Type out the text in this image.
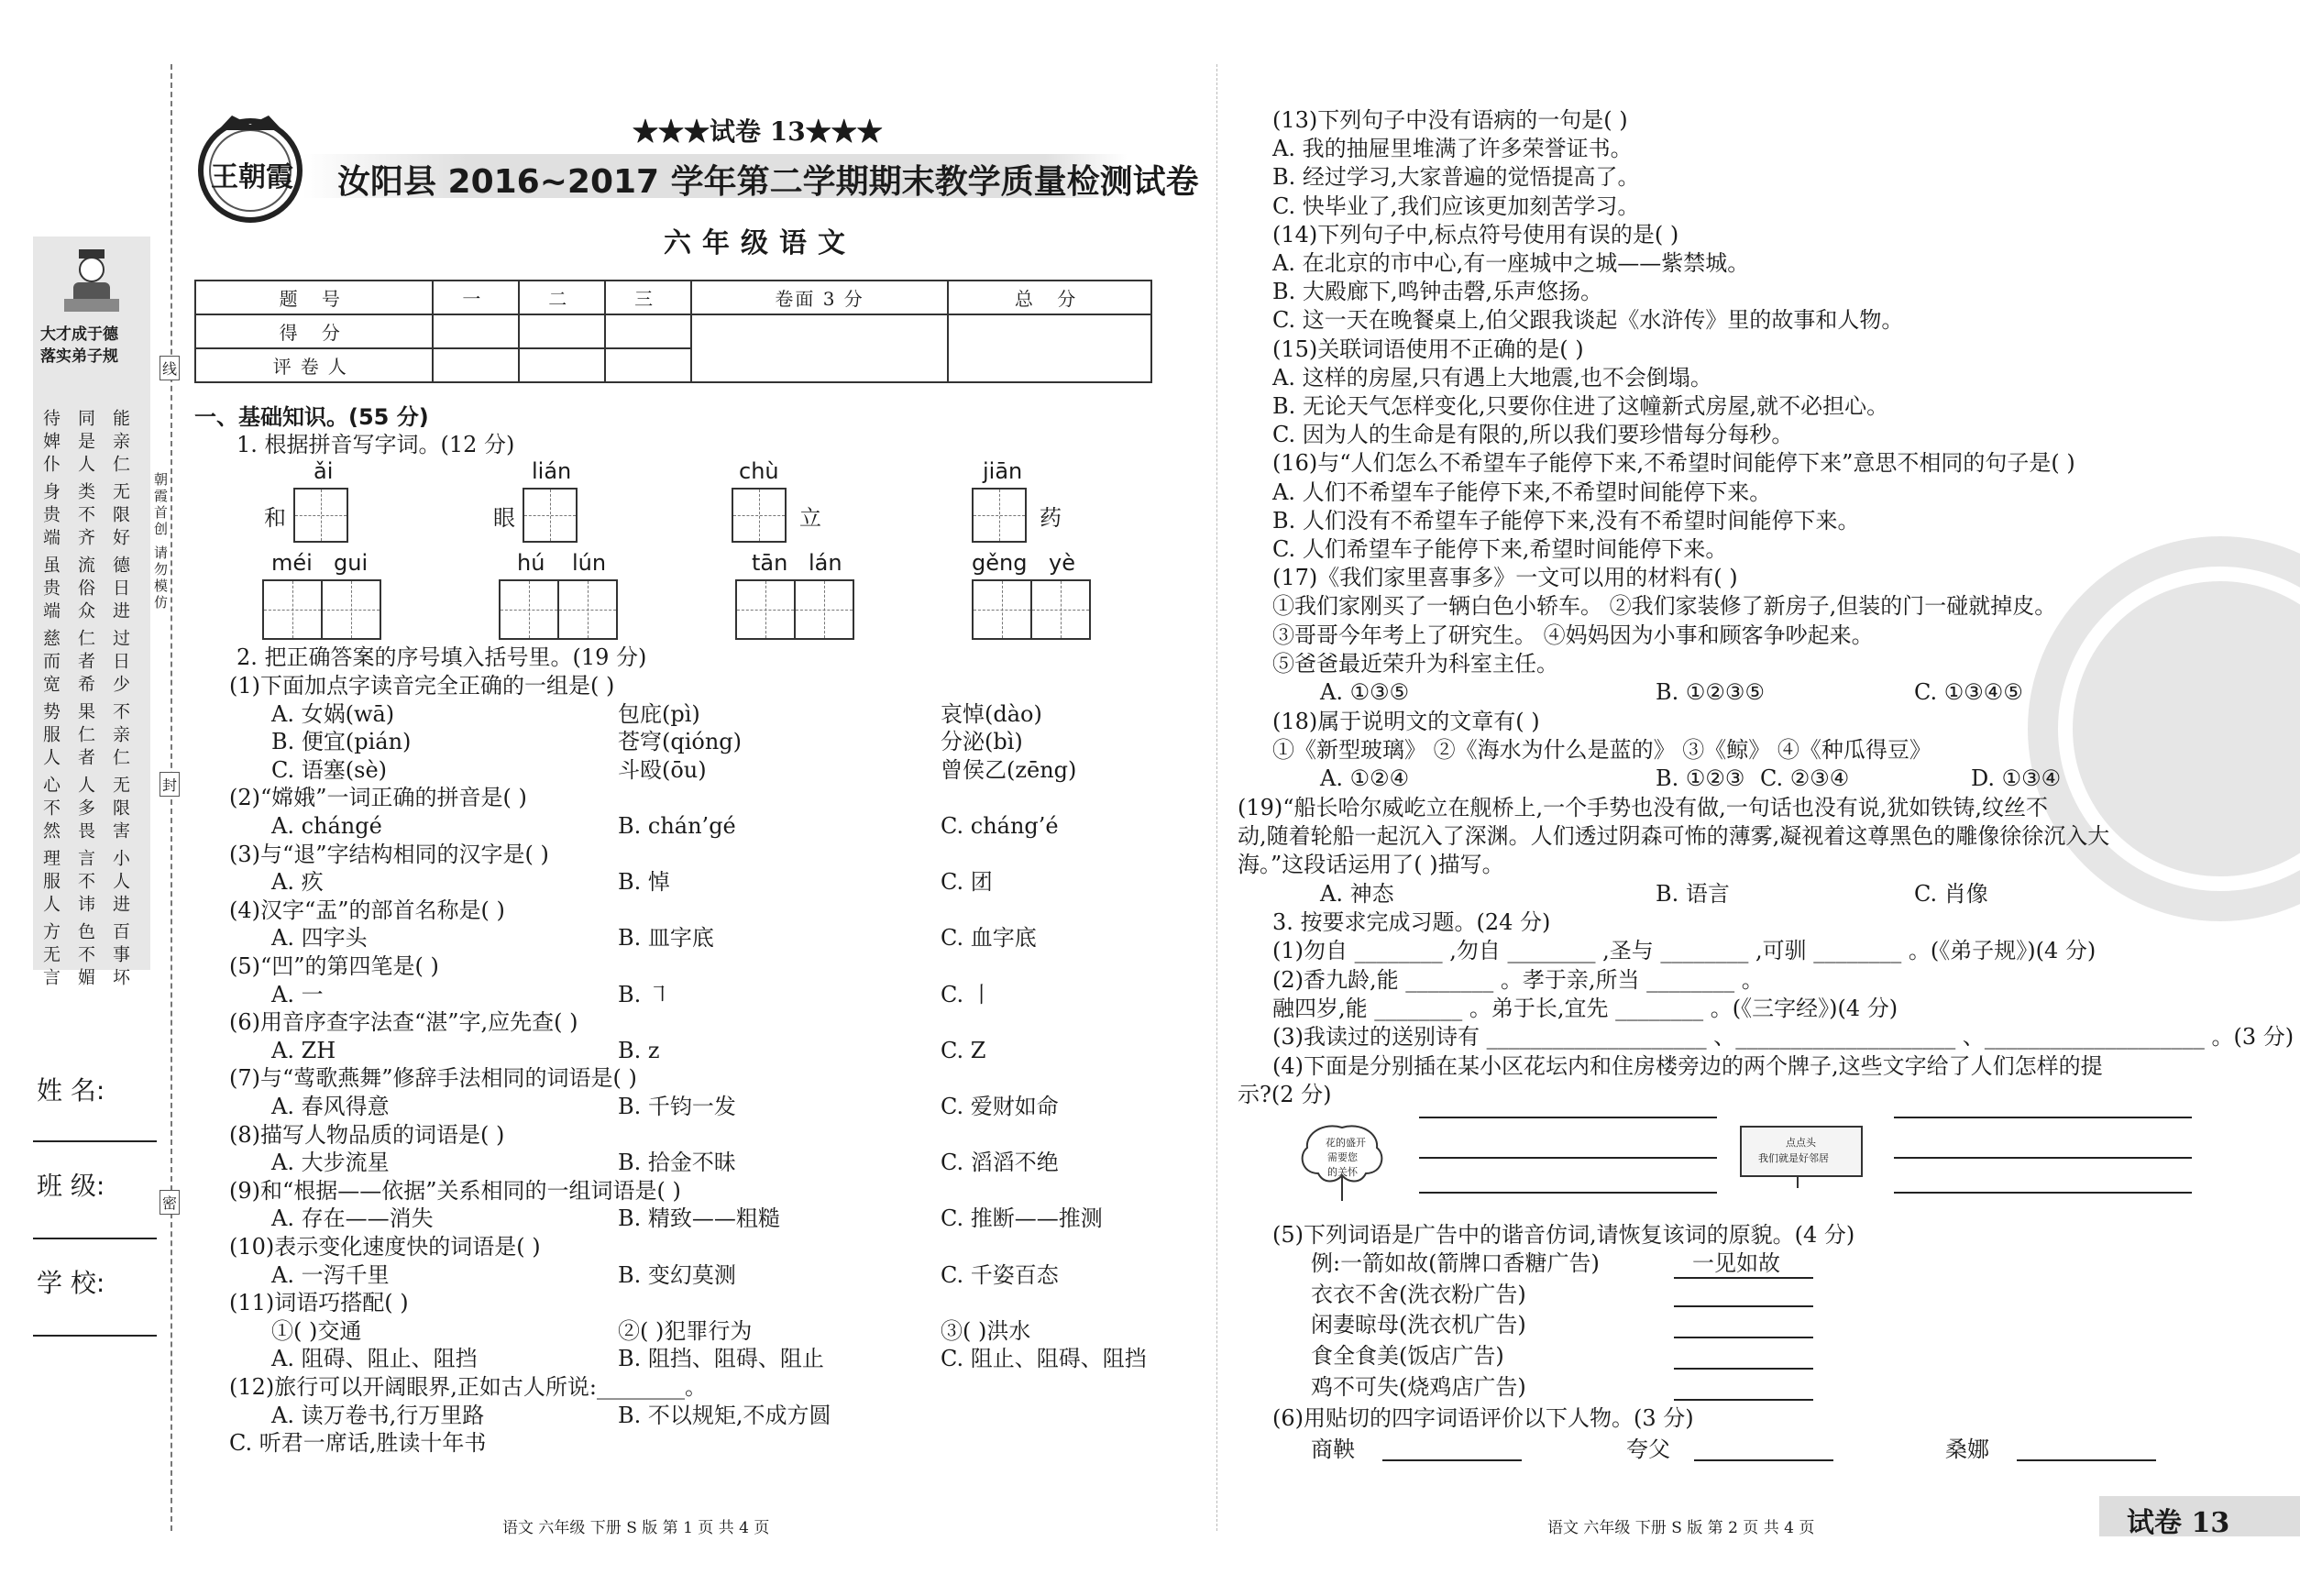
大才成于德
落实弟子规
能亲仁
无限好
德日进
过日少
不亲仁
无限害
小人进
百事坏
同是人
类不齐
流俗众
仁者希
果仁者
人多畏
言不讳
色不媚
待婢仆
身贵端
虽贵端
慈而宽
势服人
心不然
理服人
方无言
线
封
密
朝霞首创 请勿模仿
姓 名:
班 级:
学 校:
王朝霞
★★★试卷 13★★★
汝阳县 2016~2017 学年第二学期期末教学质量检测试卷
六年级语文
题 号	一	二	三	卷面 3 分	总 分
得 分					
评卷人					
一、基础知识。(55 分)
1. 根据拼音写字词。(12 分)
ǎi	lián	chù	jiān
和	眼	立	药
méi gui	hú lún	tān lán	gěng yè
2. 把正确答案的序号填入括号里。(19 分)
(1)下面加点字读音完全正确的一组是( )
A. 女娲(wā)	包庇(pì)	哀悼(dào)
B. 便宜(pián)	苍穹(qióng)	分泌(bì)
C. 语塞(sè)	斗殴(ōu)	曾侯乙(zēng)
(2)“嫦娥”一词正确的拼音是( )
A. chángé	B. chán’gé	C. cháng’é
(3)与“退”字结构相同的汉字是( )
A. 疚	B. 悼	C. 团
(4)汉字“盂”的部首名称是( )
A. 四字头	B. 皿字底	C. 血字底
(5)“凹”的第四笔是( )
A. 一	B. ㇕	C. 丨
(6)用音序查字法查“湛”字,应先查( )
A. ZH	B. z	C. Z
(7)与“莺歌燕舞”修辞手法相同的词语是( )
A. 春风得意	B. 千钧一发	C. 爱财如命
(8)描写人物品质的词语是( )
A. 大步流星	B. 拾金不昧	C. 滔滔不绝
(9)和“根据——依据”关系相同的一组词语是( )
A. 存在——消失	B. 精致——粗糙	C. 推断——推测
(10)表示变化速度快的词语是( )
A. 一泻千里	B. 变幻莫测	C. 千姿百态
(11)词语巧搭配( )
①( )交通	②( )犯罪行为	③( )洪水
A. 阻碍、阻止、阻挡	B. 阻挡、阻碍、阻止	C. 阻止、阻碍、阻挡
(12)旅行可以开阔眼界,正如古人所说:________。
A. 读万卷书,行万里路	B. 不以规矩,不成方圆
C. 听君一席话,胜读十年书
(13)下列句子中没有语病的一句是( )
A. 我的抽屉里堆满了许多荣誉证书。
B. 经过学习,大家普遍的觉悟提高了。
C. 快毕业了,我们应该更加刻苦学习。
(14)下列句子中,标点符号使用有误的是( )
A. 在北京的市中心,有一座城中之城——紫禁城。
B. 大殿廊下,鸣钟击磬,乐声悠扬。
C. 这一天在晚餐桌上,伯父跟我谈起《水浒传》里的故事和人物。
(15)关联词语使用不正确的是( )
A. 这样的房屋,只有遇上大地震,也不会倒塌。
B. 无论天气怎样变化,只要你住进了这幢新式房屋,就不必担心。
C. 因为人的生命是有限的,所以我们要珍惜每分每秒。
(16)与“人们怎么不希望车子能停下来,不希望时间能停下来”意思不相同的句子是( )
A. 人们不希望车子能停下来,不希望时间能停下来。
B. 人们没有不希望车子能停下来,没有不希望时间能停下来。
C. 人们希望车子能停下来,希望时间能停下来。
(17)《我们家里喜事多》一文可以用的材料有( )
①我们家刚买了一辆白色小轿车。 ②我们家装修了新房子,但装的门一碰就掉皮。
③哥哥今年考上了研究生。 ④妈妈因为小事和顾客争吵起来。
⑤爸爸最近荣升为科室主任。
A. ①③⑤	B. ①②③⑤	C. ①③④⑤
(18)属于说明文的文章有( )
①《新型玻璃》 ②《海水为什么是蓝的》 ③《鲸》 ④《种瓜得豆》
A. ①②④	B. ①②③ C. ②③④	D. ①③④
(19)“船长哈尔威屹立在舰桥上,一个手势也没有做,一句话也没有说,犹如铁铸,纹丝不
动,随着轮船一起沉入了深渊。人们透过阴森可怖的薄雾,凝视着这尊黑色的雕像徐徐沉入大
海。”这段话运用了( )描写。
A. 神态	B. 语言	C. 肖像
3. 按要求完成习题。(24 分)
(1)勿自 ________ ,勿自 ________ ,圣与 ________ ,可驯 ________ 。(《弟子规》)(4 分)
(2)香九龄,能 ________ 。孝于亲,所当 ________ 。
融四岁,能 ________ 。弟于长,宜先 ________ 。(《三字经》)(4 分)
(3)我读过的送别诗有 ____________________ 、____________________ 、____________________ 。(3 分)
(4)下面是分别插在某小区花坛内和住房楼旁边的两个牌子,这些文字给了人们怎样的提
示?(2 分)
花的盛开
需要您
的关怀
点点头
我们就是好邻居
(5)下列词语是广告中的谐音仿词,请恢复该词的原貌。(4 分)
例:一箭如故(箭牌口香糖广告)	一见如故
衣衣不舍(洗衣粉广告)
闲妻晾母(洗衣机广告)
食全食美(饭店广告)
鸡不可失(烧鸡店广告)
(6)用贴切的四字词语评价以下人物。(3 分)
商鞅	夸父	桑娜
语文 六年级 下册 S 版 第 1 页 共 4 页	语文 六年级 下册 S 版 第 2 页 共 4 页	试卷 13
